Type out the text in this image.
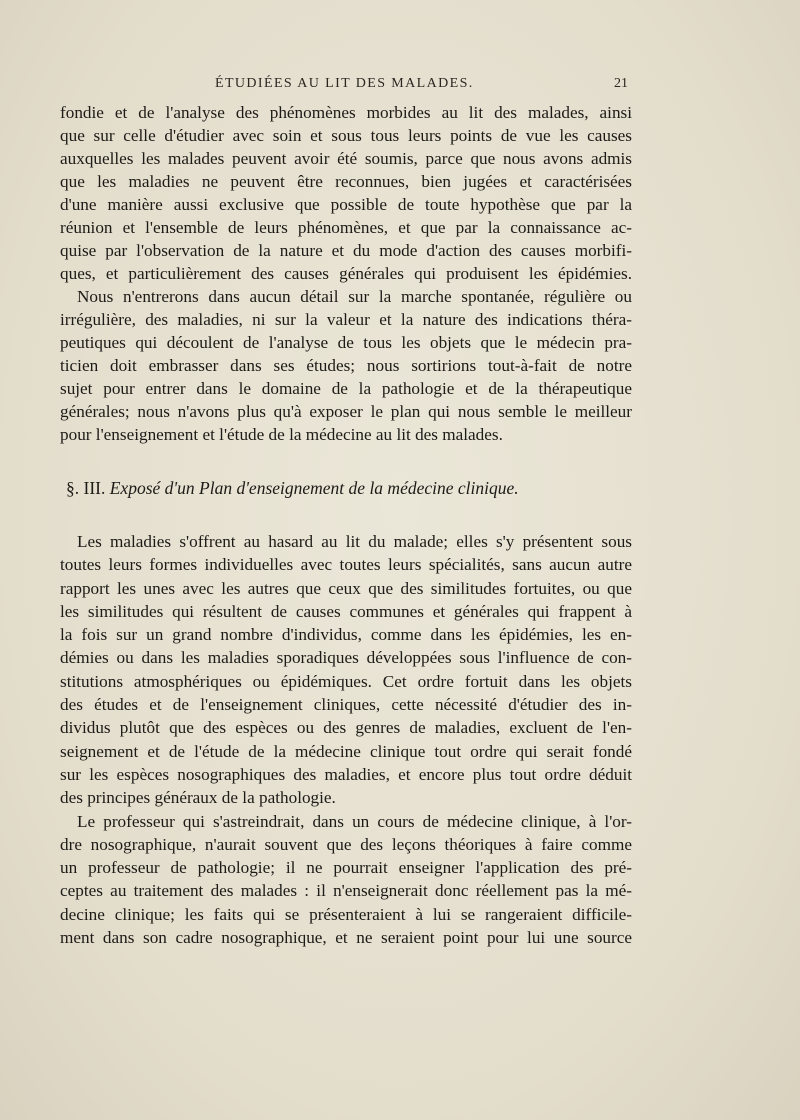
ÉTUDIÉES AU LIT DES MALADES.	21
fondie et de l'analyse des phénomènes morbides au lit des malades, ainsi
que sur celle d'étudier avec soin et sous tous leurs points de vue les causes
auxquelles les malades peuvent avoir été soumis, parce que nous avons admis
que les maladies ne peuvent être reconnues, bien jugées et caractérisées
d'une manière aussi exclusive que possible de toute hypothèse que par la
réunion et l'ensemble de leurs phénomènes, et que par la connaissance ac-
quise par l'observation de la nature et du mode d'action des causes morbifi-
ques, et particulièrement des causes générales qui produisent les épidémies.
Nous n'entrerons dans aucun détail sur la marche spontanée, régulière ou
irrégulière, des maladies, ni sur la valeur et la nature des indications théra-
peutiques qui découlent de l'analyse de tous les objets que le médecin pra-
ticien doit embrasser dans ses études; nous sortirions tout-à-fait de notre
sujet pour entrer dans le domaine de la pathologie et de la thérapeutique
générales; nous n'avons plus qu'à exposer le plan qui nous semble le meilleur
pour l'enseignement et l'étude de la médecine au lit des malades.
§. III. Exposé d'un Plan d'enseignement de la médecine clinique.
Les maladies s'offrent au hasard au lit du malade; elles s'y présentent sous
toutes leurs formes individuelles avec toutes leurs spécialités, sans aucun autre
rapport les unes avec les autres que ceux que des similitudes fortuites, ou que
les similitudes qui résultent de causes communes et générales qui frappent à
la fois sur un grand nombre d'individus, comme dans les épidémies, les en-
démies ou dans les maladies sporadiques développées sous l'influence de con-
stitutions atmosphériques ou épidémiques. Cet ordre fortuit dans les objets
des études et de l'enseignement cliniques, cette nécessité d'étudier des in-
dividus plutôt que des espèces ou des genres de maladies, excluent de l'en-
seignement et de l'étude de la médecine clinique tout ordre qui serait fondé
sur les espèces nosographiques des maladies, et encore plus tout ordre déduit
des principes généraux de la pathologie.
Le professeur qui s'astreindrait, dans un cours de médecine clinique, à l'or-
dre nosographique, n'aurait souvent que des leçons théoriques à faire comme
un professeur de pathologie; il ne pourrait enseigner l'application des pré-
ceptes au traitement des malades : il n'enseignerait donc réellement pas la mé-
decine clinique; les faits qui se présenteraient à lui se rangeraient difficile-
ment dans son cadre nosographique, et ne seraient point pour lui une source
